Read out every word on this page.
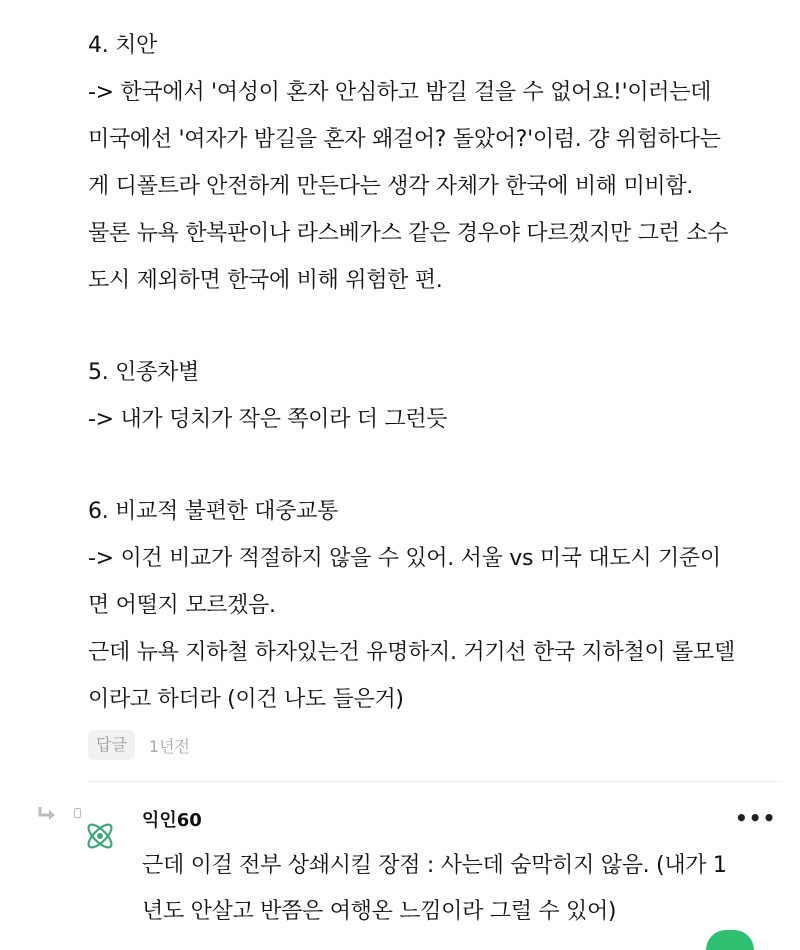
4. 치안
-> 한국에서 '여성이 혼자 안심하고 밤길 걸을 수 없어요!'이러는데
미국에선 '여자가 밤길을 혼자 왜걸어? 돌았어?'이럼. 걍 위험하다는
게 디폴트라 안전하게 만든다는 생각 자체가 한국에 비해 미비함.
물론 뉴욕 한복판이나 라스베가스 같은 경우야 다르겠지만 그런 소수
도시 제외하면 한국에 비해 위험한 편.
5. 인종차별
-> 내가 덩치가 작은 쪽이라 더 그런듯
6. 비교적 불편한 대중교통
-> 이건 비교가 적절하지 않을 수 있어. 서울 vs 미국 대도시 기준이
면 어떨지 모르겠음.
근데 뉴욕 지하철 하자있는건 유명하지. 거기선 한국 지하철이 롤모델
이라고 하더라 (이건 나도 들은거)
답글	1년전
익인60	•••
근데 이걸 전부 상쇄시킬 장점 : 사는데 숨막히지 않음. (내가 1
년도 안살고 반쯤은 여행온 느낌이라 그럴 수 있어)
